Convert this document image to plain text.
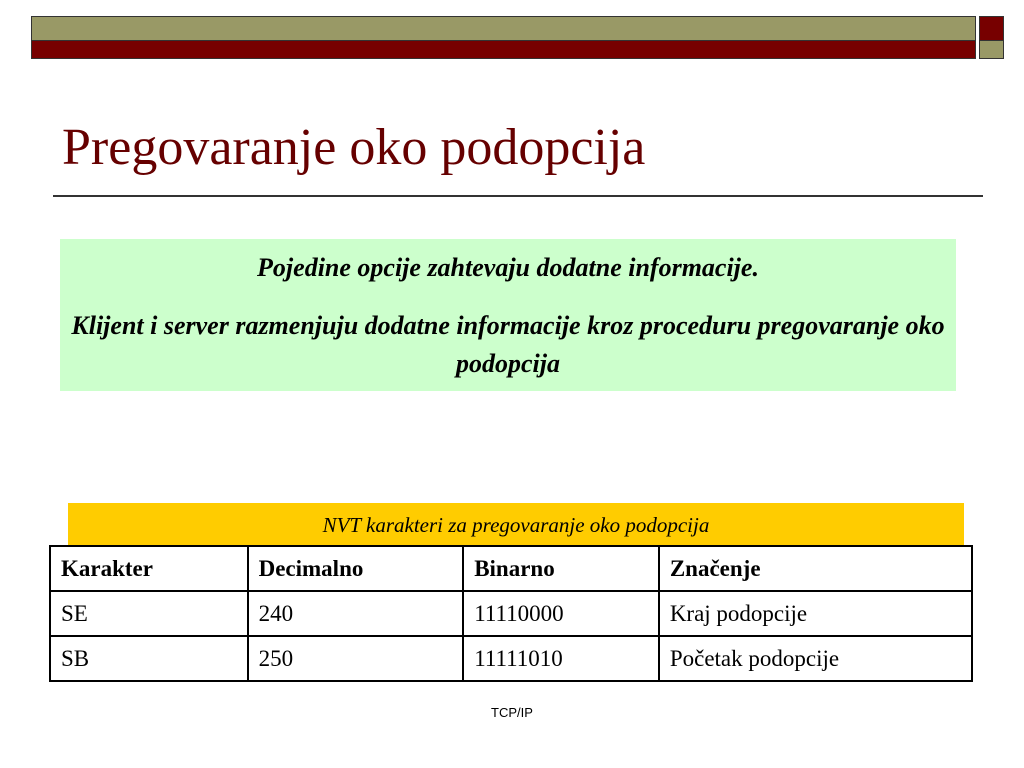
Pregovaranje oko podopcija

Pojedine opcije zahtevaju dodatne informacije.

Klijent i server razmenjuju dodatne informacije kroz proceduru pregovaranje oko podopcija

NVT karakteri za pregovaranje oko podopcija
Karakter	Decimalno	Binarno	Značenje
SE	240	11110000	Kraj podopcije
SB	250	11111010	Početak podopcije
TCP/IP
